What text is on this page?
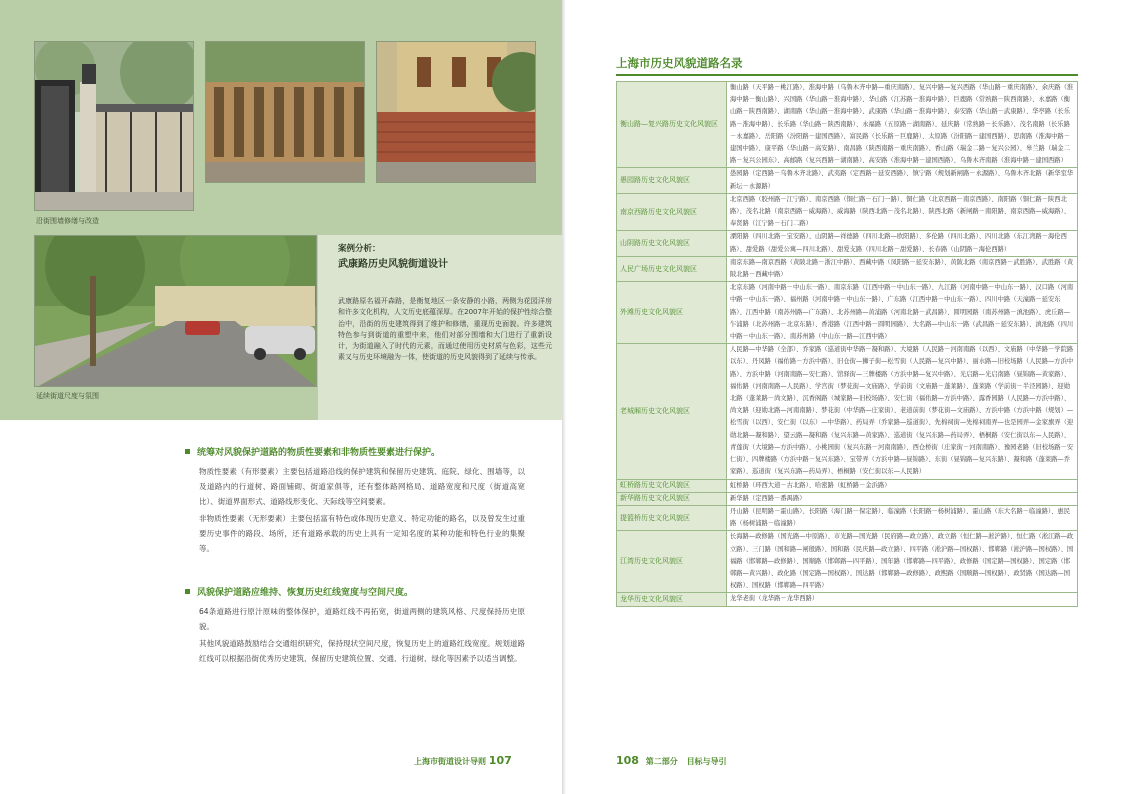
沿街围墙修缮与改造
延续街道尺度与氛围
案例分析：
武康路历史风貌街道设计
武康路原名福开森路，是衡复地区一条安静的小路，两侧为花园洋房和许多文化机构，人文历史底蕴深厚。在2007年开始的保护性综合整治中，沿街的历史建筑得到了维护和修缮，重现历史面貌。许多建筑特色参与到街道的重塑中来，他们对部分围墙和大门进行了重新设计，为街道融入了时代的元素，而通过使用历史材质与色彩，这些元素又与历史环境融为一体，使街道的历史风貌得到了延续与传承。
统筹对风貌保护道路的物质性要素和非物质性要素进行保护。
物质性要素（有形要素）主要包括道路沿线的保护建筑和保留历史建筑、庭院、绿化、围墙等，以及道路内的行道树、路面铺砌、街道家俱等，还有整体路网格局、道路宽度和尺度（街道高宽比）、街道界面形式、道路线形变化、天际线等空间要素。
非物质性要素（无形要素）主要包括富有特色或体现历史意义、特定功能的路名，以及曾发生过重要历史事件的路段、场所，还有道路承载的历史上具有一定知名度的某种功能和特色行业的集聚等。
风貌保护道路应维持、恢复历史红线宽度与空间尺度。
64条道路进行原汁原味的整体保护，道路红线不再拓宽，街道两侧的建筑风格、尺度保持历史原貌。
其他风貌道路鼓励结合交通组织研究，保持现状空间尺度，恢复历史上的道路红线宽度。规划道路红线可以根据沿街优秀历史建筑、保留历史建筑位置、交通、行道树、绿化等因素予以适当调整。
上海市街道设计导则 107
上海市历史风貌道路名录
衡山路—复兴路历史文化风貌区	衡山路（天平路－桃江路）、淮海中路（乌鲁木齐中路—重庆南路）、复兴中路—复兴西路（华山路－重庆南路）、余庆路（淮海中路－衡山路）、兴国路（华山路－淮海中路）、华山路（江苏路－淮海中路）、巨鹿路（常熟路－陕西南路）、永嘉路（衡山路－陕西南路）、湖南路（华山路－淮海中路）、武康路（华山路－淮海中路）、泰安路（华山路－武康路）、华亭路（长乐路－淮海中路）、长乐路（华山路－陕西南路）、永福路（五原路－湖南路）、延庆路（常熟路－长乐路）、茂名南路（长乐路－永嘉路）、岳阳路（汾阳路－建国西路）、富民路（长乐路－巨鹿路）、太原路（汾阳路－建国西路）、思南路（淮海中路－建国中路）、康平路（华山路－高安路）、南昌路（陕西南路－重庆南路）、香山路（瑞金二路－复兴公园）、皋兰路（瑞金二路－复兴公园东）、高邮路（复兴西路－湖南路）、高安路（淮海中路－建国西路）、乌鲁木齐南路（淮海中路－建国西路）
愚园路历史文化风貌区	愚园路（定西路－乌鲁木齐北路）、武夷路（定西路－延安西路）、镇宁路（规划新闸路－永源路）、乌鲁木齐北路（新华室华新坛－永源路）
南京西路历史文化风貌区	北京西路（胶州路－江宁路）、南京西路（铜仁路－石门一路）、铜仁路（北京西路－南京西路）、南阳路（铜仁路－陕西北路）、茂名北路（南京西路－威海路）、威海路（陕西北路－茂名北路）、陕西北路（新闸路－南阳路、南京西路—威海路）、奉贤路（江宁路－石门二路）
山阴路历史文化风貌区	溧阳路（四川北路－宝安路）、山阴路—祥德路（四川北路—欧阳路）、多伦路（四川北路）、四川北路（东江湾路－海伦西路）、甜爱路（甜爱公寓—四川北路）、甜爱支路（四川北路－甜爱路）、长春路（山阴路－海伦西路）
人民广场历史文化风貌区	南京东路—南京西路（黄陂北路－浙江中路）、西藏中路（凤阳路－延安东路）、黄陂北路（南京西路－武胜路）、武胜路（黄陂北路－西藏中路）
外滩历史文化风貌区	北京东路（河南中路－中山东一路）、南京东路（江西中路－中山东一路）、九江路（河南中路－中山东一路）、汉口路（河南中路－中山东一路）、福州路（河南中路－中山东一路）、广东路（江西中路－中山东一路）、四川中路（天潼路－延安东路）、江西中路（南苏州路—广东路）、北苏州路—黄浦路（河南北路－武昌路）、圆明园路（南苏州路－滇池路）、虎丘路—乍浦路（北苏州路－北京东路）、香港路（江西中路－圆明园路）、大名路—中山东一路（武昌路－延安东路）、滇池路（四川中路－中山东一路）、南苏州路（中山东一路—江西中路）
老城厢历史文化风貌区	人民路—中华路（全部）、乔家路（巡道街中华路－凝和路）、大境路（人民路－河南南路（以西）、文庙路（中华路－学院路以东）、丹凤路（福佑路－方浜中路）、旧仓街—狮子街—松雪街（人民路—复兴中路）、丽水路—旧校场路（人民路—方浜中路）、方浜中路（河南南路—安仁路）、馆驿街—三牌楼路（方浜中路—复兴中路）、光启路—光启南路（昼锦路—黄家路）、福佑路（河南南路—人民路）、学宫街（梦花街—文庙路）、学前街（文庙路－蓬莱路）、蓬莱路（学前街－半泾园路）、迎勋北路（蓬莱路－尚文路）、沉香阁路（城家路—旧校场路）、安仁街（福佑路—方浜中路）、露香园路（人民路—方浜中路）、尚文路（迎勋北路—河南南路）、梦花街（中华路—庄家街）、老道前街（梦花街—文庙路）、方浜中路（方浜中路（规划）—松雪街（以西）、安仁街（以东）—中华路）、药局弄（乔家路—巡道街）、先棉祠街—先棉祠南弄—也是园弄—金家旗弄（迎勋北路—凝和路）、望云路—凝和路（复兴东路—黄家路）、巡道街（复兴东路—药局弄）、梧桐路（安仁街以东—人民路）、青莲街（大境路—方浜中路）、小桃园街（复兴东路－河南南路）、西仓桥街（庄家街－河南南路）、豫园老路（旧校场路－安仁街）、四牌楼路（方浜中路－复兴东路）、宝带弄（方浜中路—昼锦路）、东街（昼锦路—复兴东路）、凝和路（蓬莱路—乔家路）、巡道街（复兴东路—药局弄）、梧桐路（安仁街以东—人民路）
虹桥路历史文化风貌区	虹桥路（环西大道－古北路）、哈密路（虹桥路－金浜路）
新华路历史文化风貌区	新华路（定西路－番禺路）
提篮桥历史文化风貌区	丹山路（昆明路－霍山路）、长阳路（海门路－保定路）、临潼路（长阳路－杨树浦路）、霍山路（东大名路－临潼路）、惠民路（杨树浦路－临潼路）
江湾历史文化风貌区	长海路—政修路（国光路—中原路）、市光路—国光路（民府路—政立路）、政立路（恒仁路—淞沪路）、恒仁路（淞江路—政立路）、三门路（国和路—闸殷路）、国和路（民庆路—政立路）、四平路（淞沪路—国权路）、邯郸路（淞沪路—国权路）、国福路（邯郸路—政修路）、国顺路（邯郸路—四平路）、国年路（邯郸路—四平路）、政修路（国定路—国权路）、国定路（邯郸路—黄兴路）、政化路（国定路—国权路）、国达路（邯郸路—政修路）、政熙路（国顺路—国权路）、政贤路（国达路—国权路）、国权路（邯郸路—四平路）
龙华历史文化风貌区	龙华老街（龙华路－龙华西路）
108 第二部分 目标与导引
